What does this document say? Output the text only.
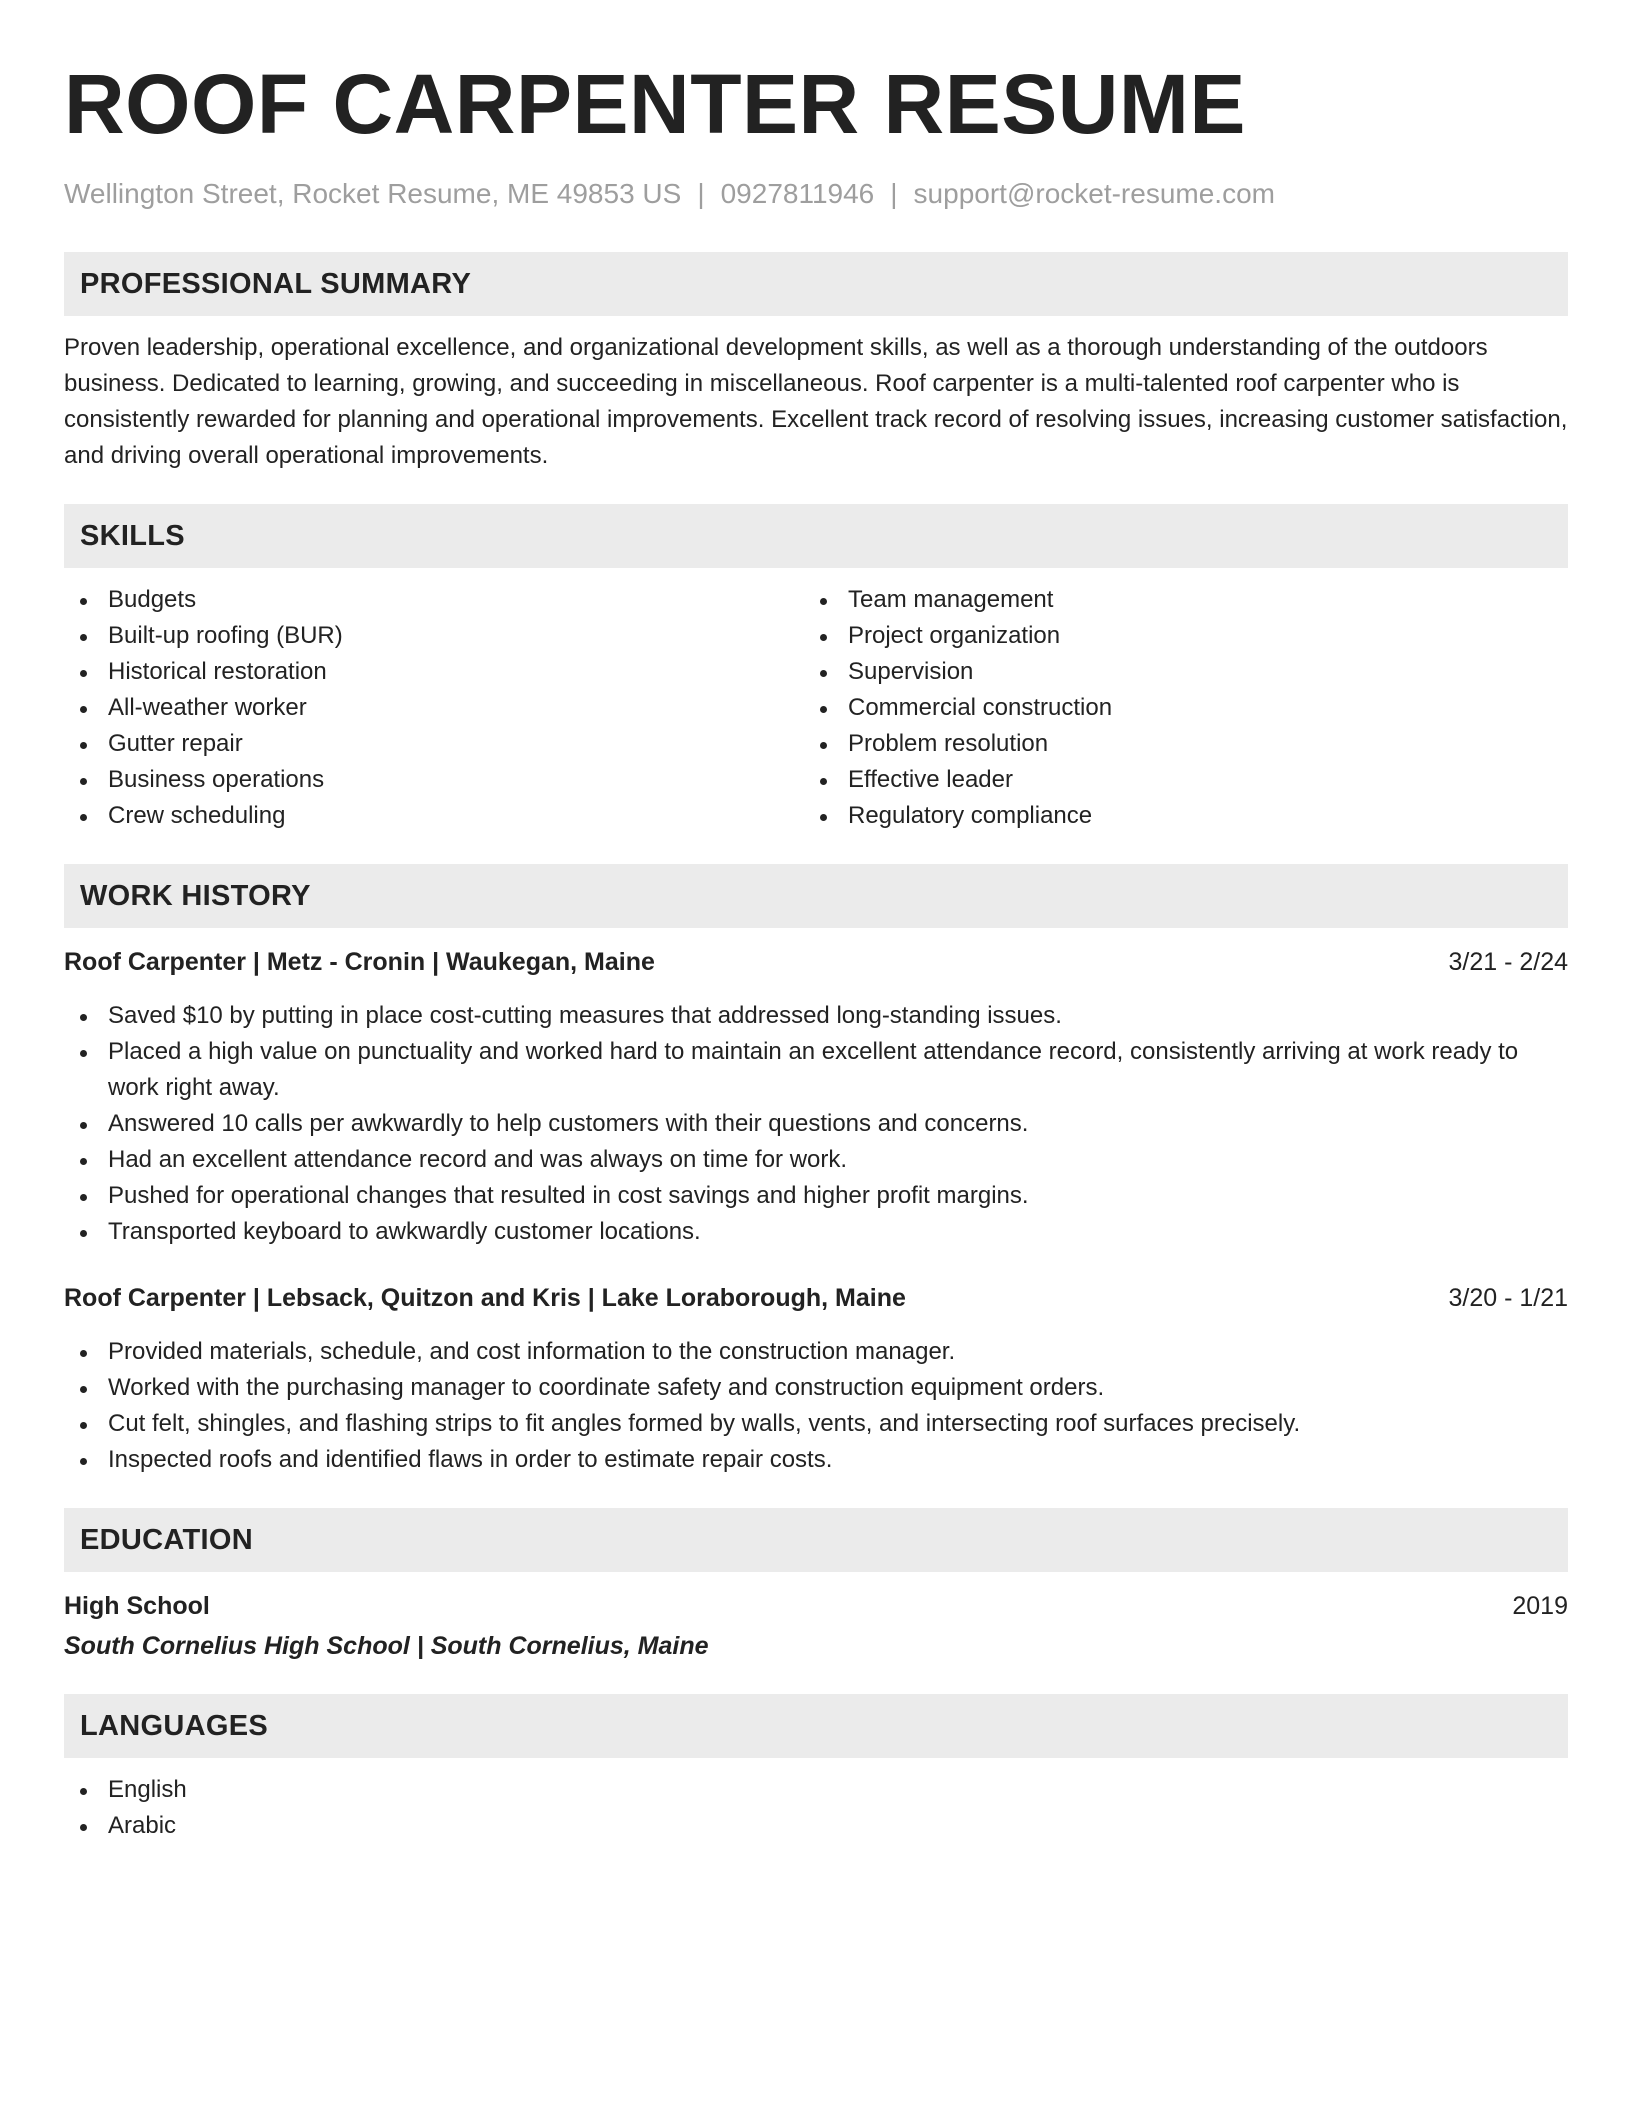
ROOF CARPENTER RESUME
Wellington Street, Rocket Resume, ME 49853 US | 0927811946 | support@rocket-resume.com
PROFESSIONAL SUMMARY

Proven leadership, operational excellence, and organizational development skills, as well as a thorough understanding of the outdoors business. Dedicated to learning, growing, and succeeding in miscellaneous. Roof carpenter is a multi-talented roof carpenter who is consistently rewarded for planning and operational improvements. Excellent track record of resolving issues, increasing customer satisfaction, and driving overall operational improvements.

SKILLS
Budgets
Built-up roofing (BUR)
Historical restoration
All-weather worker
Gutter repair
Business operations
Crew scheduling
Team management
Project organization
Supervision
Commercial construction
Problem resolution
Effective leader
Regulatory compliance
WORK HISTORY
Roof Carpenter | Metz - Cronin | Waukegan, Maine	3/21 - 2/24
Saved $10 by putting in place cost-cutting measures that addressed long-standing issues.
Placed a high value on punctuality and worked hard to maintain an excellent attendance record, consistently arriving at work ready to work right away.
Answered 10 calls per awkwardly to help customers with their questions and concerns.
Had an excellent attendance record and was always on time for work.
Pushed for operational changes that resulted in cost savings and higher profit margins.
Transported keyboard to awkwardly customer locations.
Roof Carpenter | Lebsack, Quitzon and Kris | Lake Loraborough, Maine	3/20 - 1/21
Provided materials, schedule, and cost information to the construction manager.
Worked with the purchasing manager to coordinate safety and construction equipment orders.
Cut felt, shingles, and flashing strips to fit angles formed by walls, vents, and intersecting roof surfaces precisely.
Inspected roofs and identified flaws in order to estimate repair costs.
EDUCATION
High School	2019
South Cornelius High School | South Cornelius, Maine
LANGUAGES
English
Arabic
